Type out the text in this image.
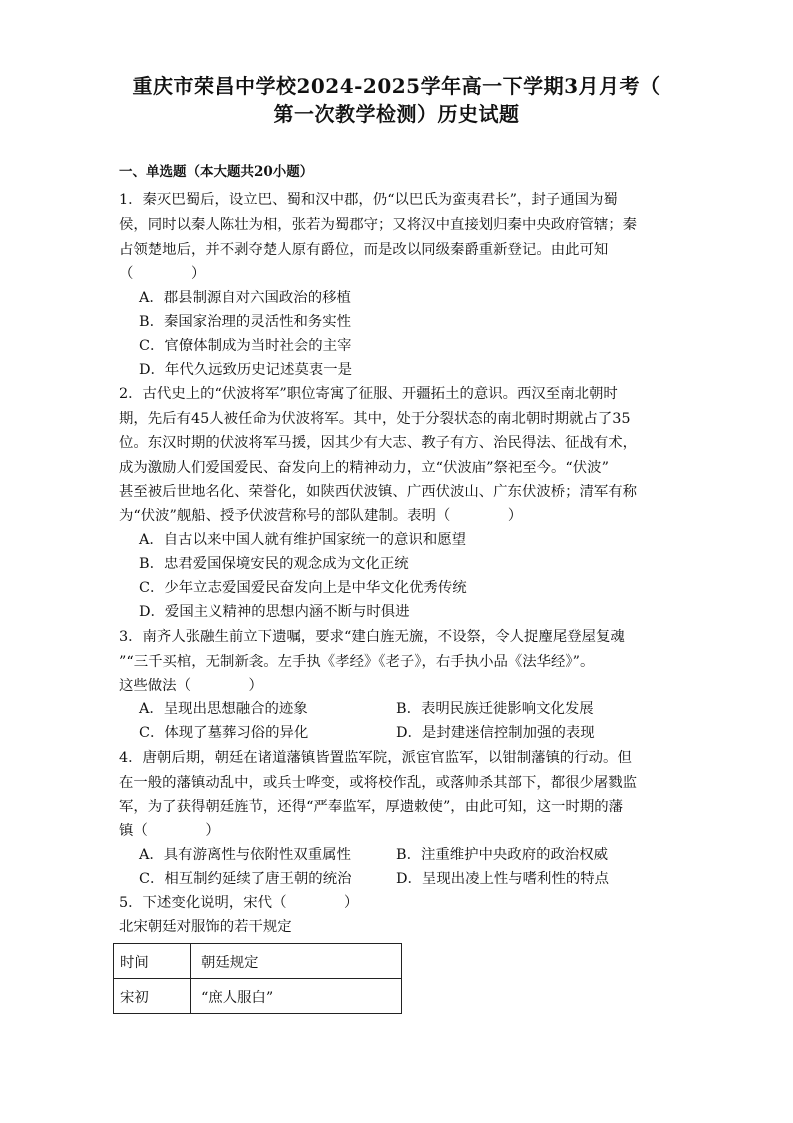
重庆市荣昌中学校2024-2025学年高一下学期3月月考（
第一次教学检测）历史试题
一、单选题（本大题共20小题）
1．秦灭巴蜀后，设立巴、蜀和汉中郡，仍“以巴氏为蛮夷君长”，封子通国为蜀
侯，同时以秦人陈壮为相，张若为蜀郡守；又将汉中直接划归秦中央政府管辖；秦
占领楚地后，并不剥夺楚人原有爵位，而是改以同级秦爵重新登记。由此可知
（　　　　）
A．郡县制源自对六国政治的移植
B．秦国家治理的灵活性和务实性
C．官僚体制成为当时社会的主宰
D．年代久远致历史记述莫衷一是
2．古代史上的“伏波将军”职位寄寓了征服、开疆拓土的意识。西汉至南北朝时
期，先后有45人被任命为伏波将军。其中，处于分裂状态的南北朝时期就占了35
位。东汉时期的伏波将军马援，因其少有大志、教子有方、治民得法、征战有术，
成为激励人们爱国爱民、奋发向上的精神动力，立“伏波庙”祭祀至今。“伏波”
甚至被后世地名化、荣誉化，如陕西伏波镇、广西伏波山、广东伏波桥；清军有称
为“伏波”舰船、授予伏波营称号的部队建制。表明（　　　　）
A．自古以来中国人就有维护国家统一的意识和愿望
B．忠君爱国保境安民的观念成为文化正统
C．少年立志爱国爱民奋发向上是中华文化优秀传统
D．爱国主义精神的思想内涵不断与时俱进
3．南齐人张融生前立下遗嘱，要求“建白旌无旒，不设祭，令人捉麈尾登屋复魂
”“三千买棺，无制新衾。左手执《孝经》《老子》，右手执小品《法华经》”。
这些做法（　　　　）
A．呈现出思想融合的迹象	B．表明民族迁徙影响文化发展
C．体现了墓葬习俗的异化	D．是封建迷信控制加强的表现
4．唐朝后期，朝廷在诸道藩镇皆置监军院，派宦官监军，以钳制藩镇的行动。但
在一般的藩镇动乱中，或兵士哗变，或将校作乱，或落帅杀其部下，都很少屠戮监
军，为了获得朝廷旌节，还得“严奉监军，厚遗敕使”，由此可知，这一时期的藩
镇（　　　　）
A．具有游离性与依附性双重属性	B．注重维护中央政府的政治权威
C．相互制约延续了唐王朝的统治	D．呈现出凌上性与嗜利性的特点
5．下述变化说明，宋代（　　　　）
北宋朝廷对服饰的若干规定
时间	朝廷规定
宋初	“庶人服白”
